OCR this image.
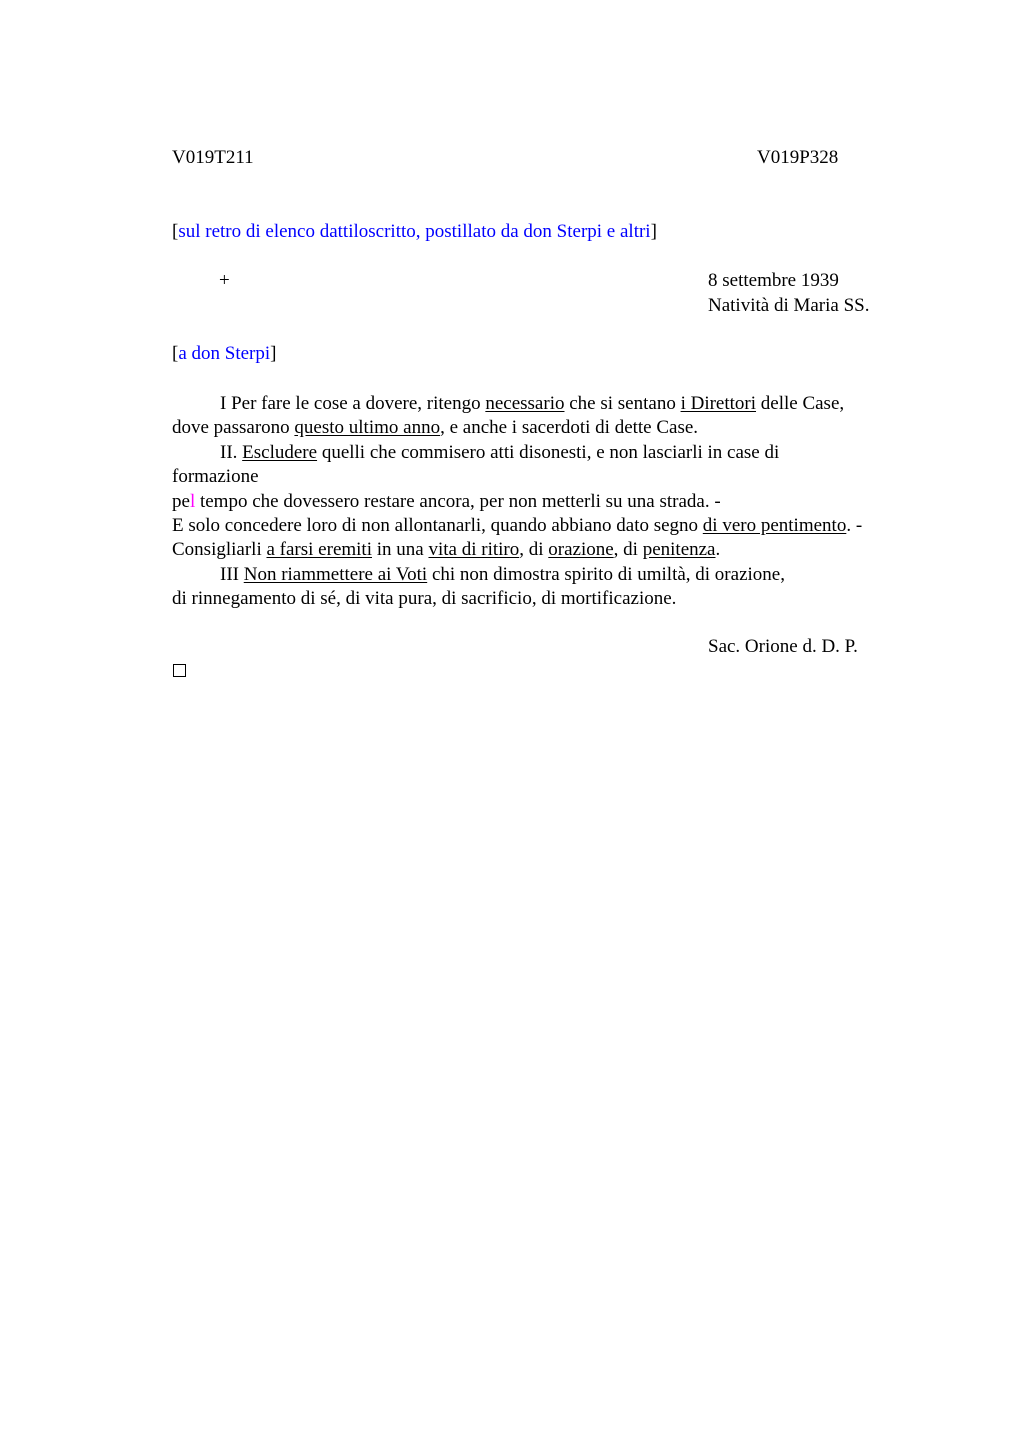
V019T211	V019P328
[sul retro di elenco dattiloscritto, postillato da don Sterpi e altri]
+	8 settembre 1939
Natività di Maria SS.
[a don Sterpi]
I Per fare le cose a dovere, ritengo necessario che si sentano i Direttori delle Case,
dove passarono questo ultimo anno, e anche i sacerdoti di dette Case.
II. Escludere quelli che commisero atti disonesti, e non lasciarli in case di
formazione
pel tempo che dovessero restare ancora, per non metterli su una strada. -
E solo concedere loro di non allontanarli, quando abbiano dato segno di vero pentimento. -
Consigliarli a farsi eremiti in una vita di ritiro, di orazione, di penitenza.
III Non riammettere ai Voti chi non dimostra spirito di umiltà, di orazione,
di rinnegamento di sé, di vita pura, di sacrificio, di mortificazione.
Sac. Orione d. D. P.
